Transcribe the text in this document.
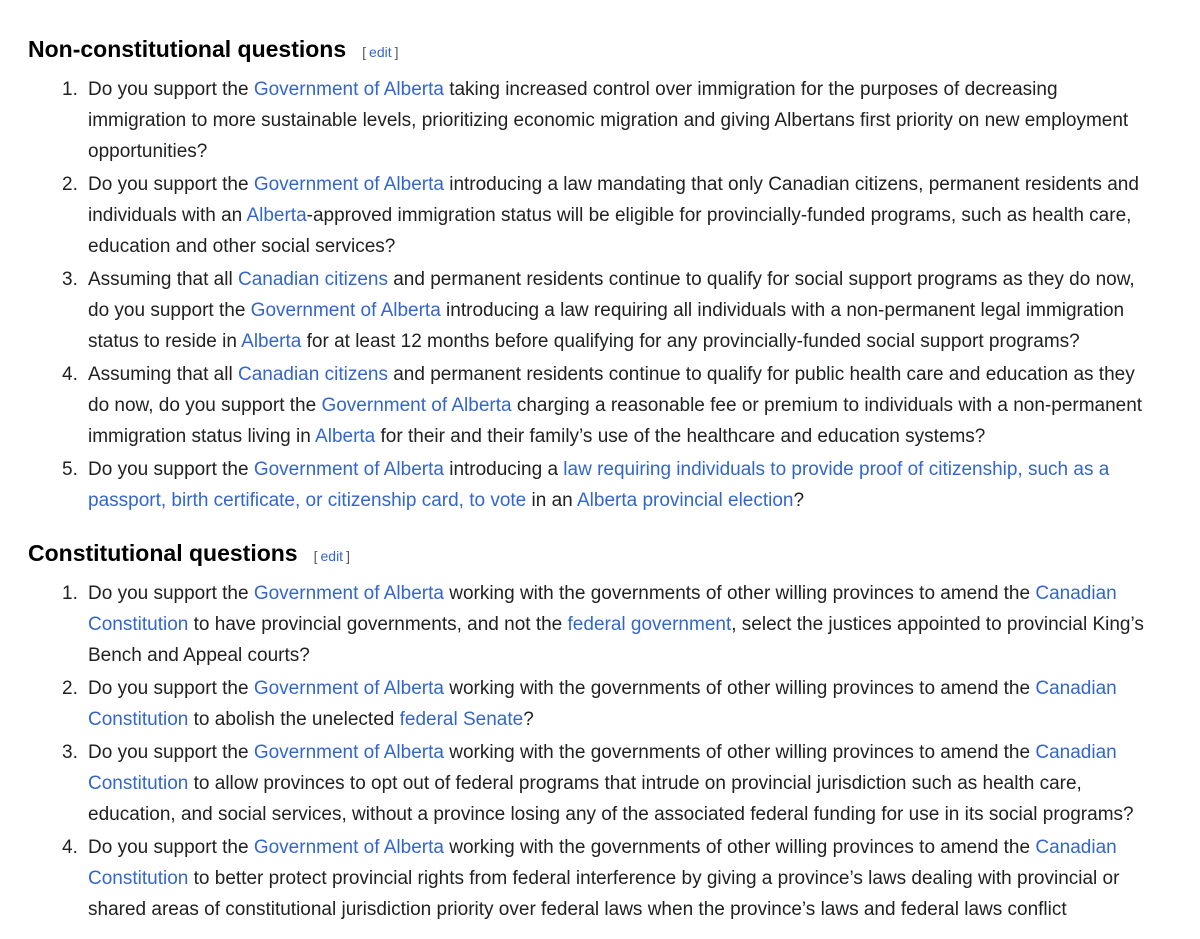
Non-constitutional questions [ edit ]
1. Do you support the Government of Alberta taking increased control over immigration for the purposes of decreasing immigration to more sustainable levels, prioritizing economic migration and giving Albertans first priority on new employment opportunities?
2. Do you support the Government of Alberta introducing a law mandating that only Canadian citizens, permanent residents and individuals with an Alberta-approved immigration status will be eligible for provincially-funded programs, such as health care, education and other social services?
3. Assuming that all Canadian citizens and permanent residents continue to qualify for social support programs as they do now, do you support the Government of Alberta introducing a law requiring all individuals with a non-permanent legal immigration status to reside in Alberta for at least 12 months before qualifying for any provincially-funded social support programs?
4. Assuming that all Canadian citizens and permanent residents continue to qualify for public health care and education as they do now, do you support the Government of Alberta charging a reasonable fee or premium to individuals with a non-permanent immigration status living in Alberta for their and their family’s use of the healthcare and education systems?
5. Do you support the Government of Alberta introducing a law requiring individuals to provide proof of citizenship, such as a passport, birth certificate, or citizenship card, to vote in an Alberta provincial election?
Constitutional questions [ edit ]
1. Do you support the Government of Alberta working with the governments of other willing provinces to amend the Canadian Constitution to have provincial governments, and not the federal government, select the justices appointed to provincial King’s Bench and Appeal courts?
2. Do you support the Government of Alberta working with the governments of other willing provinces to amend the Canadian Constitution to abolish the unelected federal Senate?
3. Do you support the Government of Alberta working with the governments of other willing provinces to amend the Canadian Constitution to allow provinces to opt out of federal programs that intrude on provincial jurisdiction such as health care, education, and social services, without a province losing any of the associated federal funding for use in its social programs?
4. Do you support the Government of Alberta working with the governments of other willing provinces to amend the Canadian Constitution to better protect provincial rights from federal interference by giving a province’s laws dealing with provincial or shared areas of constitutional jurisdiction priority over federal laws when the province’s laws and federal laws conflict
